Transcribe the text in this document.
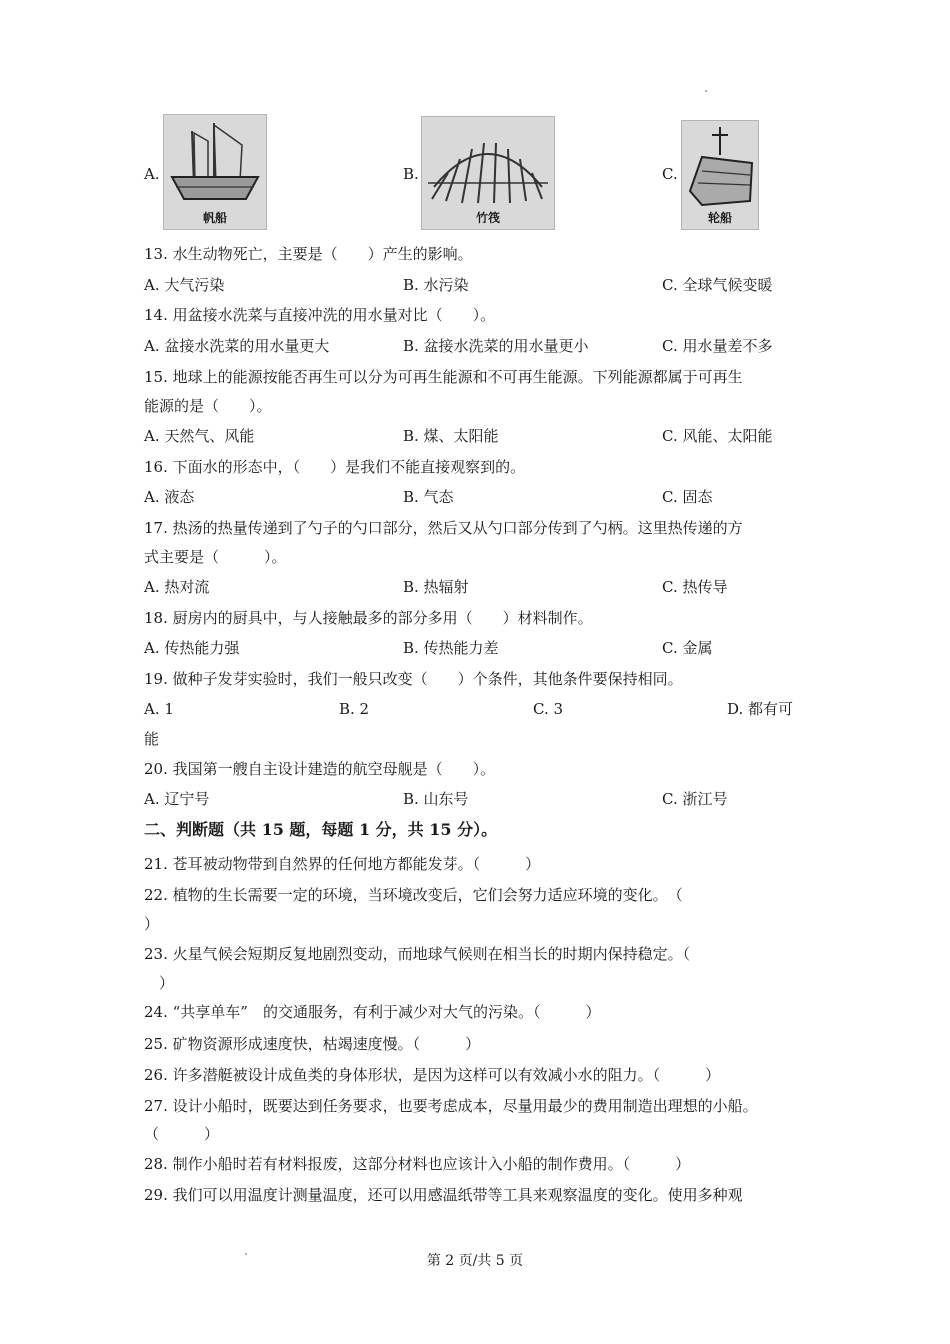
A.
帆船
B.
竹筏
C.
轮船
13. 水生动物死亡，主要是（　　）产生的影响。
A. 大气污染	B. 水污染	C. 全球气候变暖
14. 用盆接水洗菜与直接冲洗的用水量对比（　　）。
A. 盆接水洗菜的用水量更大	B. 盆接水洗菜的用水量更小	C. 用水量差不多
15. 地球上的能源按能否再生可以分为可再生能源和不可再生能源。下列能源都属于可再生
能源的是（　　）。
A. 天然气、风能	B. 煤、太阳能	C. 风能、太阳能
16. 下面水的形态中，（　　）是我们不能直接观察到的。
A. 液态	B. 气态	C. 固态
17. 热汤的热量传递到了勺子的勺口部分，然后又从勺口部分传到了勺柄。这里热传递的方
式主要是（　　　）。
A. 热对流	B. 热辐射	C. 热传导
18. 厨房内的厨具中，与人接触最多的部分多用（　　）材料制作。
A. 传热能力强	B. 传热能力差	C. 金属
19. 做种子发芽实验时，我们一般只改变（　　）个条件，其他条件要保持相同。
A. 1	B. 2	C. 3	D. 都有可
能
20. 我国第一艘自主设计建造的航空母舰是（　　）。
A. 辽宁号	B. 山东号	C. 浙江号
二、判断题（共 15 题，每题 1 分，共 15 分）。
21. 苍耳被动物带到自然界的任何地方都能发芽。（　　　）
22. 植物的生长需要一定的环境，当环境改变后，它们会努力适应环境的变化。　（
）
23. 火星气候会短期反复地剧烈变动，而地球气候则在相当长的时期内保持稳定。（
　）
24. “共享单车”　的交通服务，有利于减少对大气的污染。（　　　）
25. 矿物资源形成速度快，枯竭速度慢。（　　　）
26. 许多潜艇被设计成鱼类的身体形状，是因为这样可以有效减小水的阻力。（　　　）
27. 设计小船时，既要达到任务要求，也要考虑成本，尽量用最少的费用制造出理想的小船。
（　　　）
28. 制作小船时若有材料报废，这部分材料也应该计入小船的制作费用。（　　　）
29. 我们可以用温度计测量温度，还可以用感温纸带等工具来观察温度的变化。使用多种观
第 2 页/共 5 页
